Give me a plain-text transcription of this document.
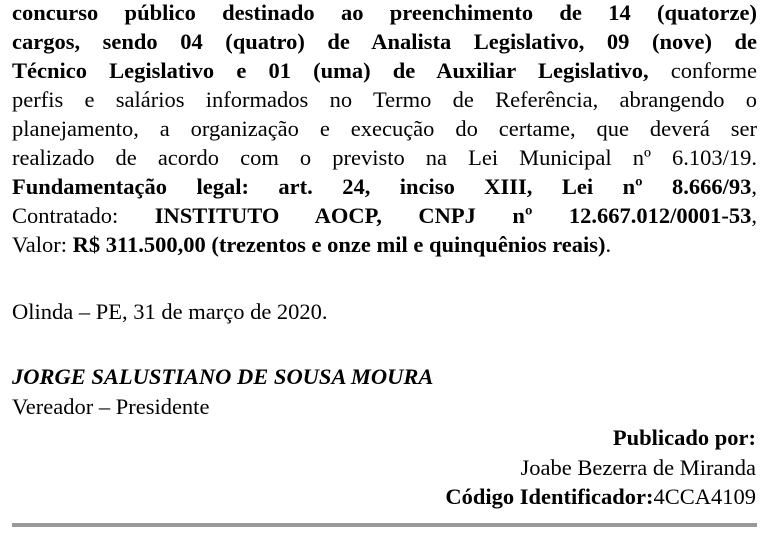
concurso público destinado ao preenchimento de 14 (quatorze)
cargos, sendo 04 (quatro) de Analista Legislativo, 09 (nove) de
Técnico Legislativo e 01 (uma) de Auxiliar Legislativo, conforme
perfis e salários informados no Termo de Referência, abrangendo o
planejamento, a organização e execução do certame, que deverá ser
realizado de acordo com o previsto na Lei Municipal nº 6.103/19.
Fundamentação legal: art. 24, inciso XIII, Lei nº 8.666/93,
Contratado: INSTITUTO AOCP, CNPJ nº 12.667.012/0001-53,
Valor: R$ 311.500,00 (trezentos e onze mil e quinquênios reais).
Olinda – PE, 31 de março de 2020.
JORGE SALUSTIANO DE SOUSA MOURA
Vereador – Presidente
Publicado por:
Joabe Bezerra de Miranda
Código Identificador:4CCA4109
